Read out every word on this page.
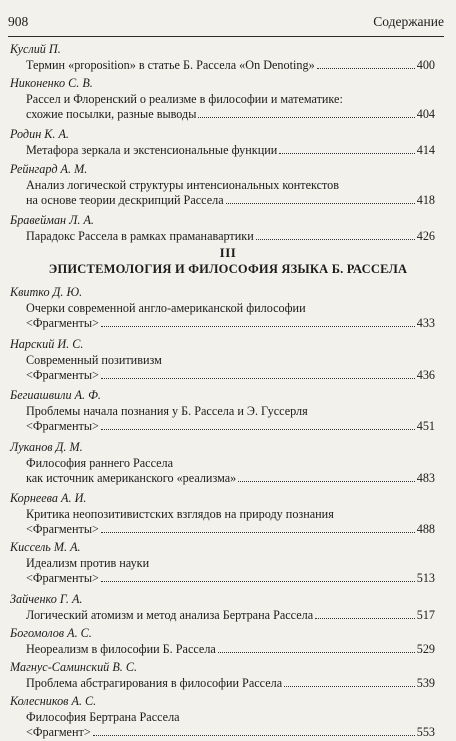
908	Содержание
III
ЭПИСТЕМОЛОГИЯ И ФИЛОСОФИЯ ЯЗЫКА Б. РАССЕЛА
Куслий П.
Термин «proposition» в статье Б. Рассела «On Denoting»	400
Никоненко С. В.
Рассел и Флоренский о реализме в философии и математике:
схожие посылки, разные выводы	404
Родин К. А.
Метафора зеркала и экстенсиональные функции	414
Рейнгард А. М.
Анализ логической структуры интенсиональных контекстов
на основе теории дескрипций Рассела	418
Бравейман Л. А.
Парадокс Рассела в рамках праманавартики	426
Квитко Д. Ю.
Очерки современной англо-американской философии
<Фрагменты>	433
Нарский И. С.
Современный позитивизм
<Фрагменты>	436
Бегиашвили А. Ф.
Проблемы начала познания у Б. Рассела и Э. Гуссерля
<Фрагменты>	451
Луканов Д. М.
Философия раннего Рассела
как источник американского «реализма»	483
Корнеева А. И.
Критика неопозитивистских взглядов на природу познания
<Фрагменты>	488
Киссель М. А.
Идеализм против науки
<Фрагменты>	513
Зайченко Г. А.
Логический атомизм и метод анализа Бертрана Рассела	517
Богомолов А. С.
Неореализм в философии Б. Рассела	529
Магнус-Саминский В. С.
Проблема абстрагирования в философии Рассела	539
Колесников А. С.
Философия Бертрана Рассела
<Фрагмент>	553
